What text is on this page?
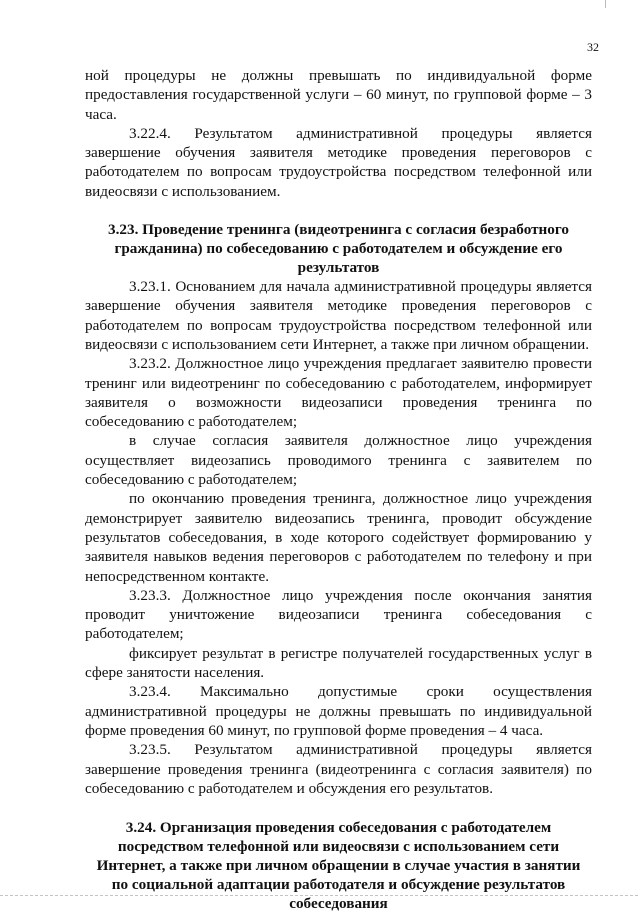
32

ной процедуры не должны превышать по индивидуальной форме предоставления государственной услуги – 60 минут, по групповой форме – 3 часа.

3.22.4. Результатом административной процедуры является завершение обучения заявителя методике проведения переговоров с работодателем по вопросам трудоустройства посредством телефонной или видеосвязи с использованием.

3.23. Проведение тренинга (видеотренинга с согласия безработного гражданина) по собеседованию с работодателем и обсуждение его результатов

3.23.1. Основанием для начала административной процедуры является завершение обучения заявителя методике проведения переговоров с работодателем по вопросам трудоустройства посредством телефонной или видеосвязи с использованием сети Интернет, а также при личном обращении.

3.23.2. Должностное лицо учреждения предлагает заявителю провести тренинг или видеотренинг по собеседованию с работодателем, информирует заявителя о возможности видеозаписи проведения тренинга по собеседованию с работодателем;

в случае согласия заявителя должностное лицо учреждения осуществляет видеозапись проводимого тренинга с заявителем по собеседованию с работодателем;

по окончанию проведения тренинга, должностное лицо учреждения демонстрирует заявителю видеозапись тренинга, проводит обсуждение результатов собеседования, в ходе которого содействует формированию у заявителя навыков ведения переговоров с работодателем по телефону и при непосредственном контакте.

3.23.3. Должностное лицо учреждения после окончания занятия проводит уничтожение видеозаписи тренинга собеседования с работодателем;

фиксирует результат в регистре получателей государственных услуг в сфере занятости населения.

3.23.4. Максимально допустимые сроки осуществления административной процедуры не должны превышать по индивидуальной форме проведения 60 минут, по групповой форме проведения – 4 часа.

3.23.5. Результатом административной процедуры является завершение проведения тренинга (видеотренинга с согласия заявителя) по собеседованию с работодателем и обсуждения его результатов.

3.24. Организация проведения собеседования с работодателем посредством телефонной или видеосвязи с использованием сети Интернет, а также при личном обращении в случае участия в занятии по социальной адаптации работодателя и обсуждение результатов собеседования
